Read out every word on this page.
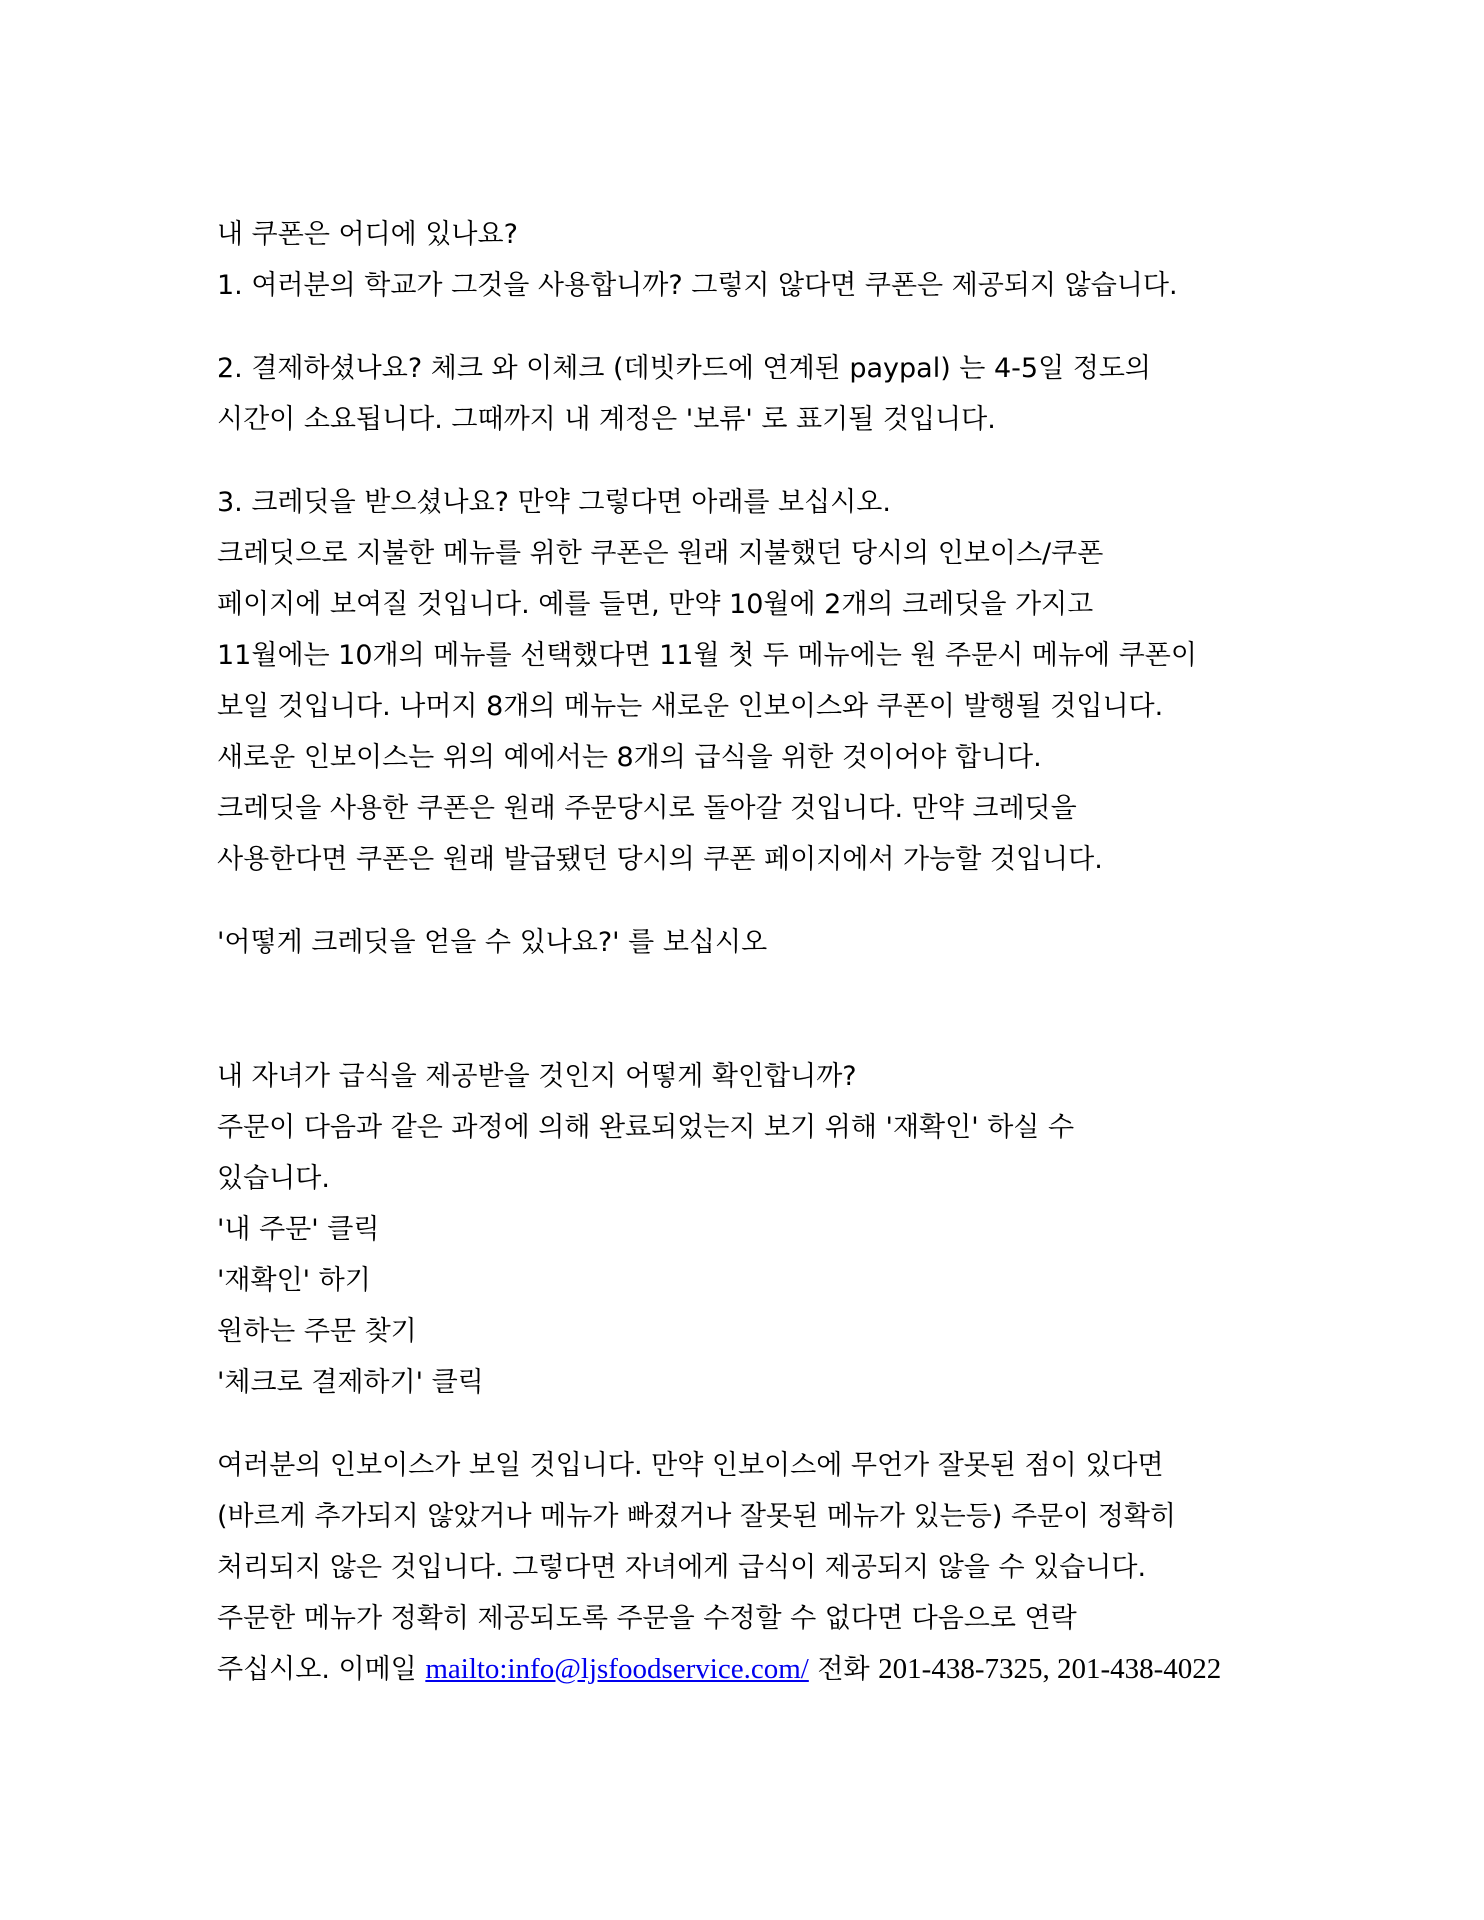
내 쿠폰은 어디에 있나요?
1. 여러분의 학교가 그것을 사용합니까? 그렇지 않다면 쿠폰은 제공되지 않습니다.
2. 결제하셨나요? 체크 와 이체크 (데빗카드에 연계된 paypal) 는 4-5일 정도의
시간이 소요됩니다. 그때까지 내 계정은 '보류' 로 표기될 것입니다.
3. 크레딧을 받으셨나요? 만약 그렇다면 아래를 보십시오.
크레딧으로 지불한 메뉴를 위한 쿠폰은 원래 지불했던 당시의 인보이스/쿠폰
페이지에 보여질 것입니다. 예를 들면, 만약 10월에 2개의 크레딧을 가지고
11월에는 10개의 메뉴를 선택했다면 11월 첫 두 메뉴에는 원 주문시 메뉴에 쿠폰이
보일 것입니다. 나머지 8개의 메뉴는 새로운 인보이스와 쿠폰이 발행될 것입니다.
새로운 인보이스는 위의 예에서는 8개의 급식을 위한 것이어야 합니다.
크레딧을 사용한 쿠폰은 원래 주문당시로 돌아갈 것입니다. 만약 크레딧을
사용한다면 쿠폰은 원래 발급됐던 당시의 쿠폰 페이지에서 가능할 것입니다.
'어떻게 크레딧을 얻을 수 있나요?' 를 보십시오
내 자녀가 급식을 제공받을 것인지 어떻게 확인합니까?
주문이 다음과 같은 과정에 의해 완료되었는지 보기 위해 '재확인' 하실 수
있습니다.
'내 주문' 클릭
'재확인' 하기
원하는 주문 찾기
'체크로 결제하기' 클릭
여러분의 인보이스가 보일 것입니다. 만약 인보이스에 무언가 잘못된 점이 있다면
(바르게 추가되지 않았거나 메뉴가 빠졌거나 잘못된 메뉴가 있는등) 주문이 정확히
처리되지 않은 것입니다. 그렇다면 자녀에게 급식이 제공되지 않을 수 있습니다.
주문한 메뉴가 정확히 제공되도록 주문을 수정할 수 없다면 다음으로 연락
주십시오. 이메일 mailto:info@ljsfoodservice.com/ 전화 201-438-7325, 201-438-4022
